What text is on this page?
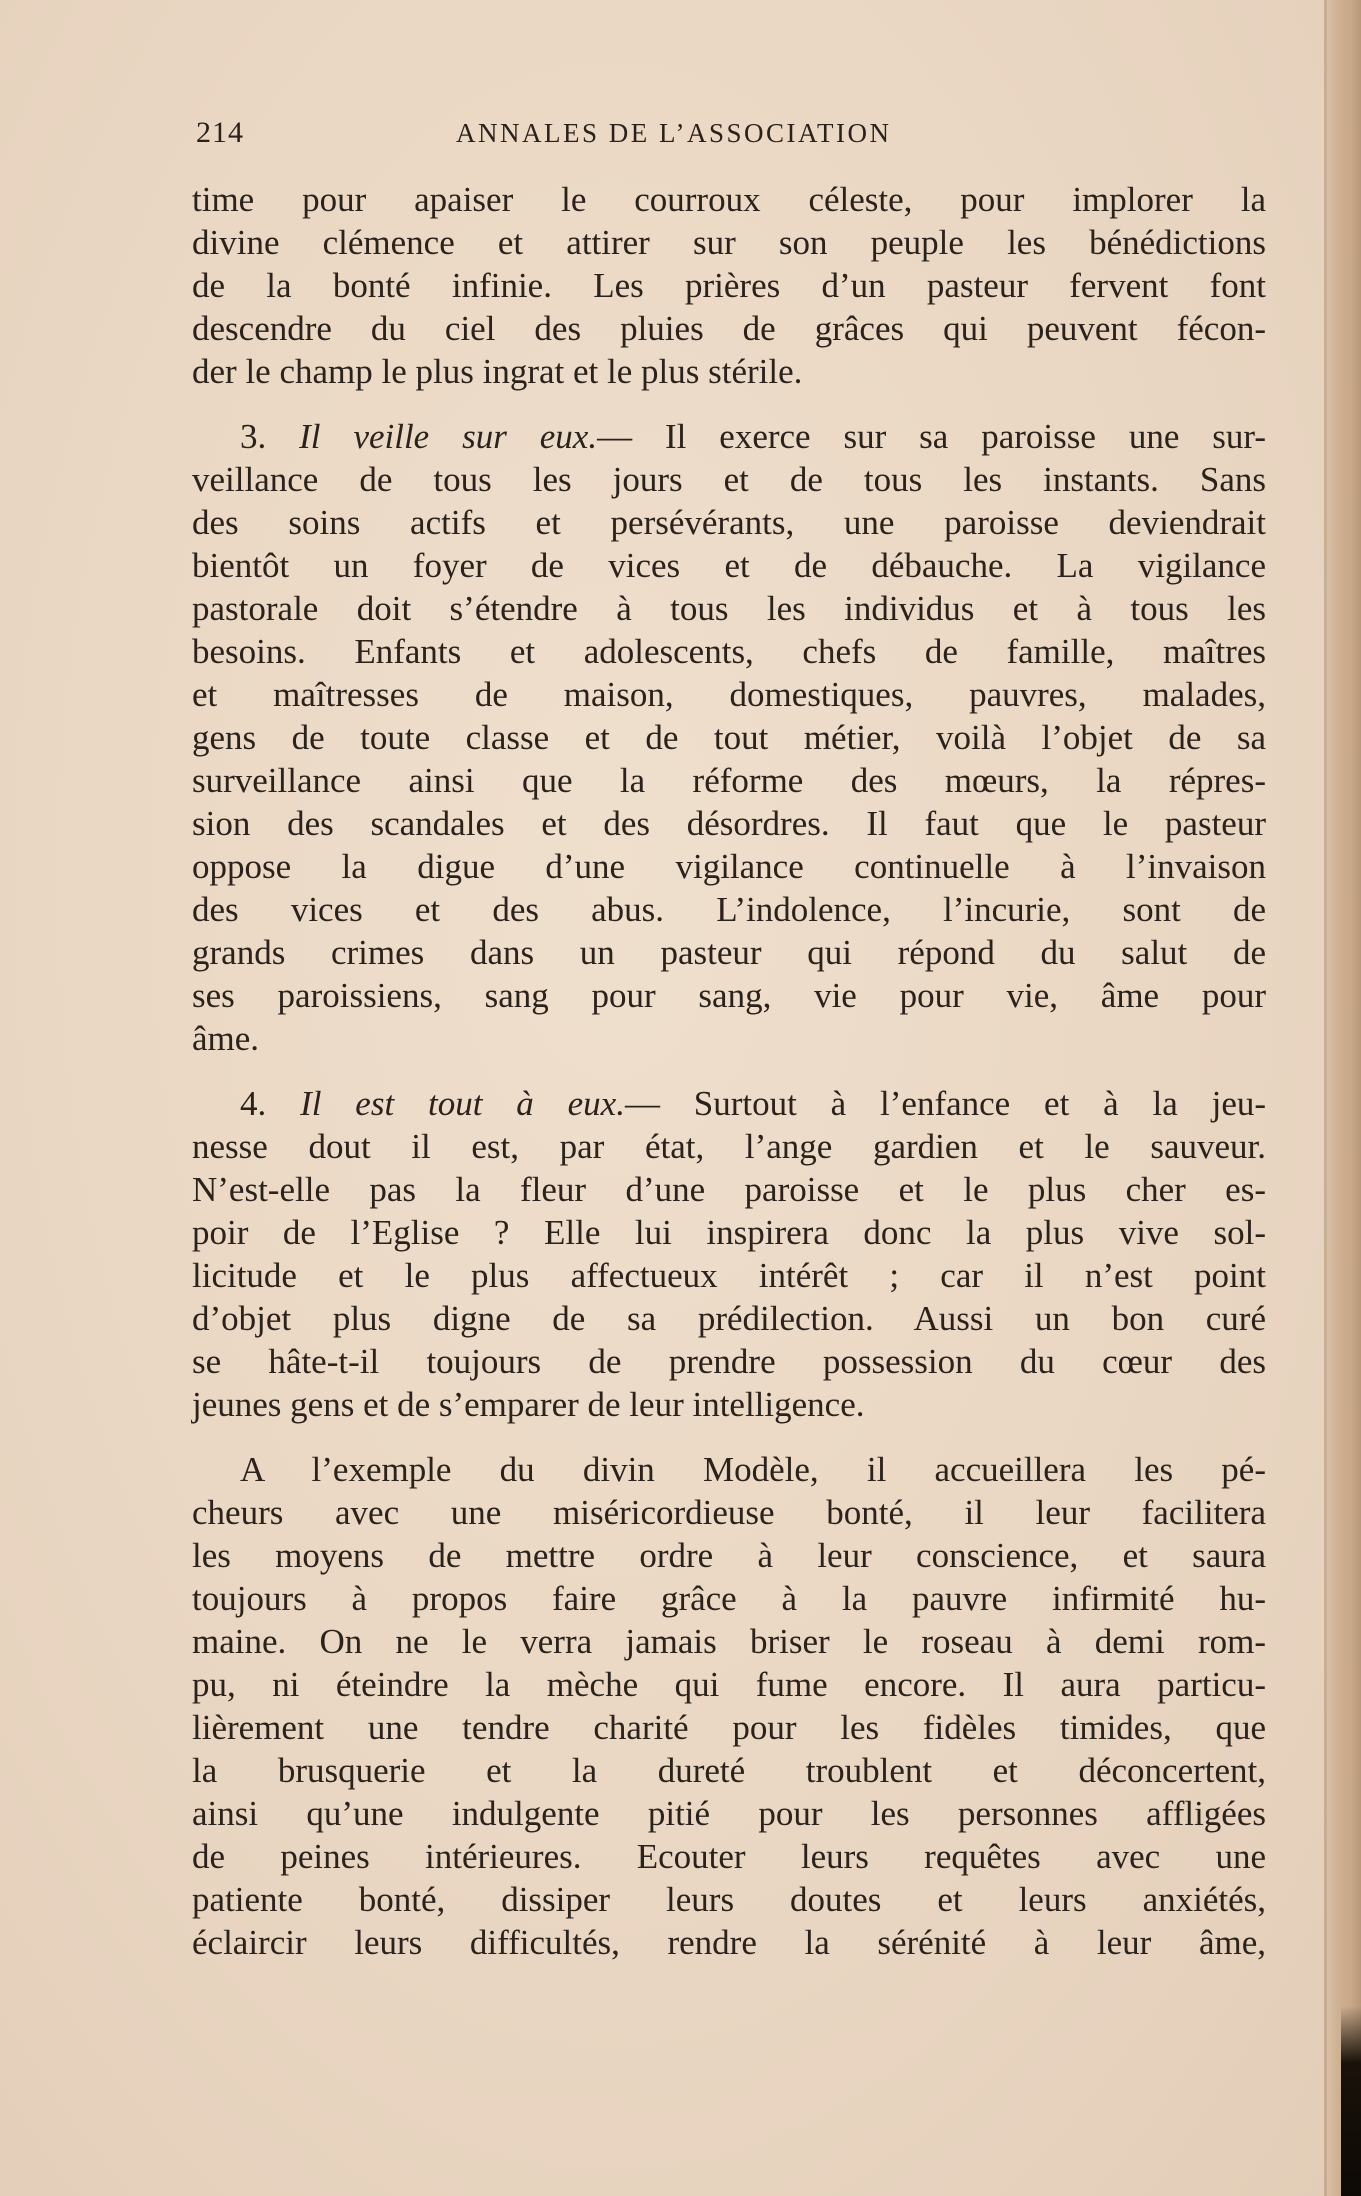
214	ANNALES DE L’ASSOCIATION
time pour apaiser le courroux céleste, pour implorer la
divine clémence et attirer sur son peuple les bénédictions
de la bonté infinie. Les prières d’un pasteur fervent font
descendre du ciel des pluies de grâces qui peuvent fécon-
der le champ le plus ingrat et le plus stérile.
3. Il veille sur eux.— Il exerce sur sa paroisse une sur-
veillance de tous les jours et de tous les instants. Sans
des soins actifs et persévérants, une paroisse deviendrait
bientôt un foyer de vices et de débauche. La vigilance
pastorale doit s’étendre à tous les individus et à tous les
besoins. Enfants et adolescents, chefs de famille, maîtres
et maîtresses de maison, domestiques, pauvres, malades,
gens de toute classe et de tout métier, voilà l’objet de sa
surveillance ainsi que la réforme des mœurs, la répres-
sion des scandales et des désordres. Il faut que le pasteur
oppose la digue d’une vigilance continuelle à l’invaison
des vices et des abus. L’indolence, l’incurie, sont de
grands crimes dans un pasteur qui répond du salut de
ses paroissiens, sang pour sang, vie pour vie, âme pour
âme.
4. Il est tout à eux.— Surtout à l’enfance et à la jeu-
nesse dout il est, par état, l’ange gardien et le sauveur.
N’est-elle pas la fleur d’une paroisse et le plus cher es-
poir de l’Eglise ? Elle lui inspirera donc la plus vive sol-
licitude et le plus affectueux intérêt ; car il n’est point
d’objet plus digne de sa prédilection. Aussi un bon curé
se hâte-t-il toujours de prendre possession du cœur des
jeunes gens et de s’emparer de leur intelligence.
A l’exemple du divin Modèle, il accueillera les pé-
cheurs avec une miséricordieuse bonté, il leur facilitera
les moyens de mettre ordre à leur conscience, et saura
toujours à propos faire grâce à la pauvre infirmité hu-
maine. On ne le verra jamais briser le roseau à demi rom-
pu, ni éteindre la mèche qui fume encore. Il aura particu-
lièrement une tendre charité pour les fidèles timides, que
la brusquerie et la dureté troublent et déconcertent,
ainsi qu’une indulgente pitié pour les personnes affligées
de peines intérieures. Ecouter leurs requêtes avec une
patiente bonté, dissiper leurs doutes et leurs anxiétés,
éclaircir leurs difficultés, rendre la sérénité à leur âme,
